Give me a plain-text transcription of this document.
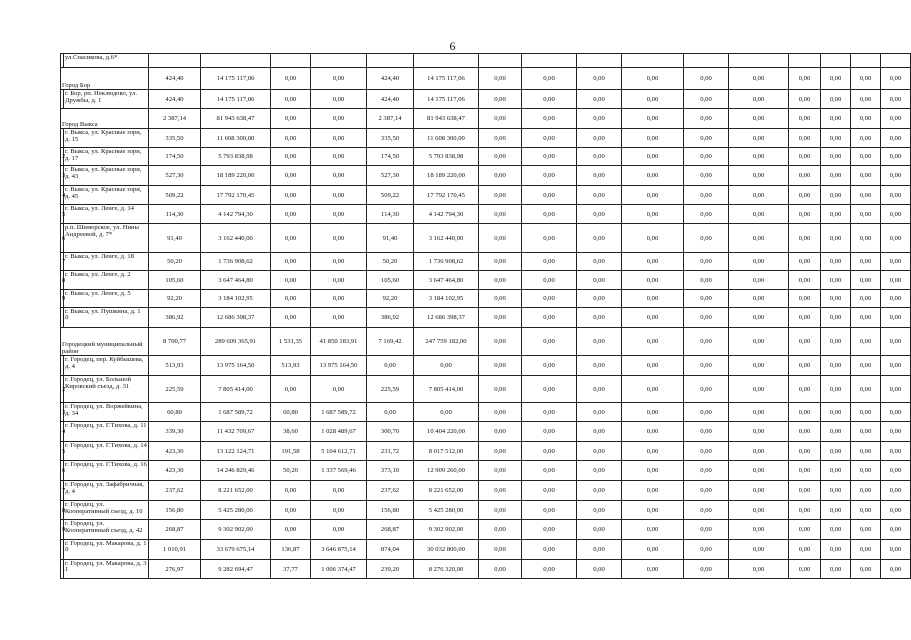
6
	ул.Спасикова, д.6*																
Город Бор		424,40	14 175 117,06	0,00	0,00	424,40	14 175 117,06	0,00	0,00	0,00	0,00	0,00	0,00	0,00	0,00	0,00	0,00
1	г. Бор, рп. Неклюдово, ул. Дружбы, д. 1	424,40	14 175 117,06	0,00	0,00	424,40	14 175 117,06	0,00	0,00	0,00	0,00	0,00	0,00	0,00	0,00	0,00	0,00
Город Выкса		2 387,14	81 943 638,47	0,00	0,00	2 387,14	81 943 638,47	0,00	0,00	0,00	0,00	0,00	0,00	0,00	0,00	0,00	0,00
1	г. Выкса, ул. Красные зори, д. 15	335,50	11 608 300,00	0,00	0,00	335,50	11 608 300,00	0,00	0,00	0,00	0,00	0,00	0,00	0,00	0,00	0,00	0,00
2	г. Выкса, ул. Красные зори, д. 17	174,50	5 793 838,98	0,00	0,00	174,50	5 793 838,98	0,00	0,00	0,00	0,00	0,00	0,00	0,00	0,00	0,00	0,00
3	г. Выкса, ул. Красные зори, д. 43	527,30	18 189 220,00	0,00	0,00	527,30	18 189 220,00	0,00	0,00	0,00	0,00	0,00	0,00	0,00	0,00	0,00	0,00
4	г. Выкса, ул. Красные зори, д. 45	509,22	17 792 170,45	0,00	0,00	509,22	17 792 170,45	0,00	0,00	0,00	0,00	0,00	0,00	0,00	0,00	0,00	0,00
5	г. Выкса, ул. Ленге, д. 14	114,30	4 142 794,30	0,00	0,00	114,30	4 142 794,30	0,00	0,00	0,00	0,00	0,00	0,00	0,00	0,00	0,00	0,00
6	р.п. Шиморское, ул. Нины Андреевой, д. 7*	91,40	3 162 440,00	0,00	0,00	91,40	3 162 440,00	0,00	0,00	0,00	0,00	0,00	0,00	0,00	0,00	0,00	0,00
7	г. Выкса, ул. Ленге, д. 18	50,20	1 736 908,62	0,00	0,00	50,20	1 736 908,62	0,00	0,00	0,00	0,00	0,00	0,00	0,00	0,00	0,00	0,00
8	г. Выкса, ул. Ленге, д. 2	105,60	3 647 464,80	0,00	0,00	105,60	3 647 464,80	0,00	0,00	0,00	0,00	0,00	0,00	0,00	0,00	0,00	0,00
9	г. Выкса, ул. Ленге, д. 5	92,20	3 184 102,95	0,00	0,00	92,20	3 184 102,95	0,00	0,00	0,00	0,00	0,00	0,00	0,00	0,00	0,00	0,00
10	г. Выкса, ул. Пушкина, д. 1	386,92	12 686 398,37	0,00	0,00	386,92	12 686 398,37	0,00	0,00	0,00	0,00	0,00	0,00	0,00	0,00	0,00	0,00
Городецкий муниципальный район		8 700,77	289 609 365,91	1 531,35	41 850 183,91	7 169,42	247 759 182,00	0,00	0,00	0,00	0,00	0,00	0,00	0,00	0,00	0,00	0,00
1	г. Городец, пер. Куйбышева, д. 4	513,93	13 975 164,50	513,93	13 975 164,50	0,00	0,00	0,00	0,00	0,00	0,00	0,00	0,00	0,00	0,00	0,00	0,00
2	г. Городец, ул. Большой Кировский съезд, д. 31	225,59	7 805 414,00	0,00	0,00	225,59	7 805 414,00	0,00	0,00	0,00	0,00	0,00	0,00	0,00	0,00	0,00	0,00
3	г. Городец, ул. Воржейкина, д. 34	60,80	1 687 589,72	60,80	1 687 589,72	0,00	0,00	0,00	0,00	0,00	0,00	0,00	0,00	0,00	0,00	0,00	0,00
4	г. Городец, ул. Г.Тихова, д. 11	339,30	11 432 709,67	38,60	1 028 489,67	300,70	10 404 220,00	0,00	0,00	0,00	0,00	0,00	0,00	0,00	0,00	0,00	0,00
5	г. Городец, ул. Г.Тихова, д. 14	423,30	13 122 124,71	191,58	5 104 612,71	231,72	8 017 512,00	0,00	0,00	0,00	0,00	0,00	0,00	0,00	0,00	0,00	0,00
6	г. Городец, ул. Г.Тихова, д. 16	423,30	14 246 829,46	50,20	1 337 569,46	373,10	12 909 260,00	0,00	0,00	0,00	0,00	0,00	0,00	0,00	0,00	0,00	0,00
7	г. Городец, ул. Зафабричная, д. 4	237,62	8 221 652,00	0,00	0,00	237,62	8 221 652,00	0,00	0,00	0,00	0,00	0,00	0,00	0,00	0,00	0,00	0,00
8	г. Городец, ул. Кооперативный съезд, д. 10	156,80	5 425 280,00	0,00	0,00	156,80	5 425 280,00	0,00	0,00	0,00	0,00	0,00	0,00	0,00	0,00	0,00	0,00
9	г. Городец, ул. Кооперативный съезд, д. 42	268,87	9 302 902,00	0,00	0,00	268,87	9 302 902,00	0,00	0,00	0,00	0,00	0,00	0,00	0,00	0,00	0,00	0,00
10	г. Городец, ул. Макарова, д. 1	1 010,91	33 679 675,14	136,87	3 646 875,14	874,04	30 032 800,00	0,00	0,00	0,00	0,00	0,00	0,00	0,00	0,00	0,00	0,00
11	г. Городец, ул. Макарова, д. 3	276,97	9 282 694,47	37,77	1 006 374,47	239,20	8 276 320,00	0,00	0,00	0,00	0,00	0,00	0,00	0,00	0,00	0,00	0,00
